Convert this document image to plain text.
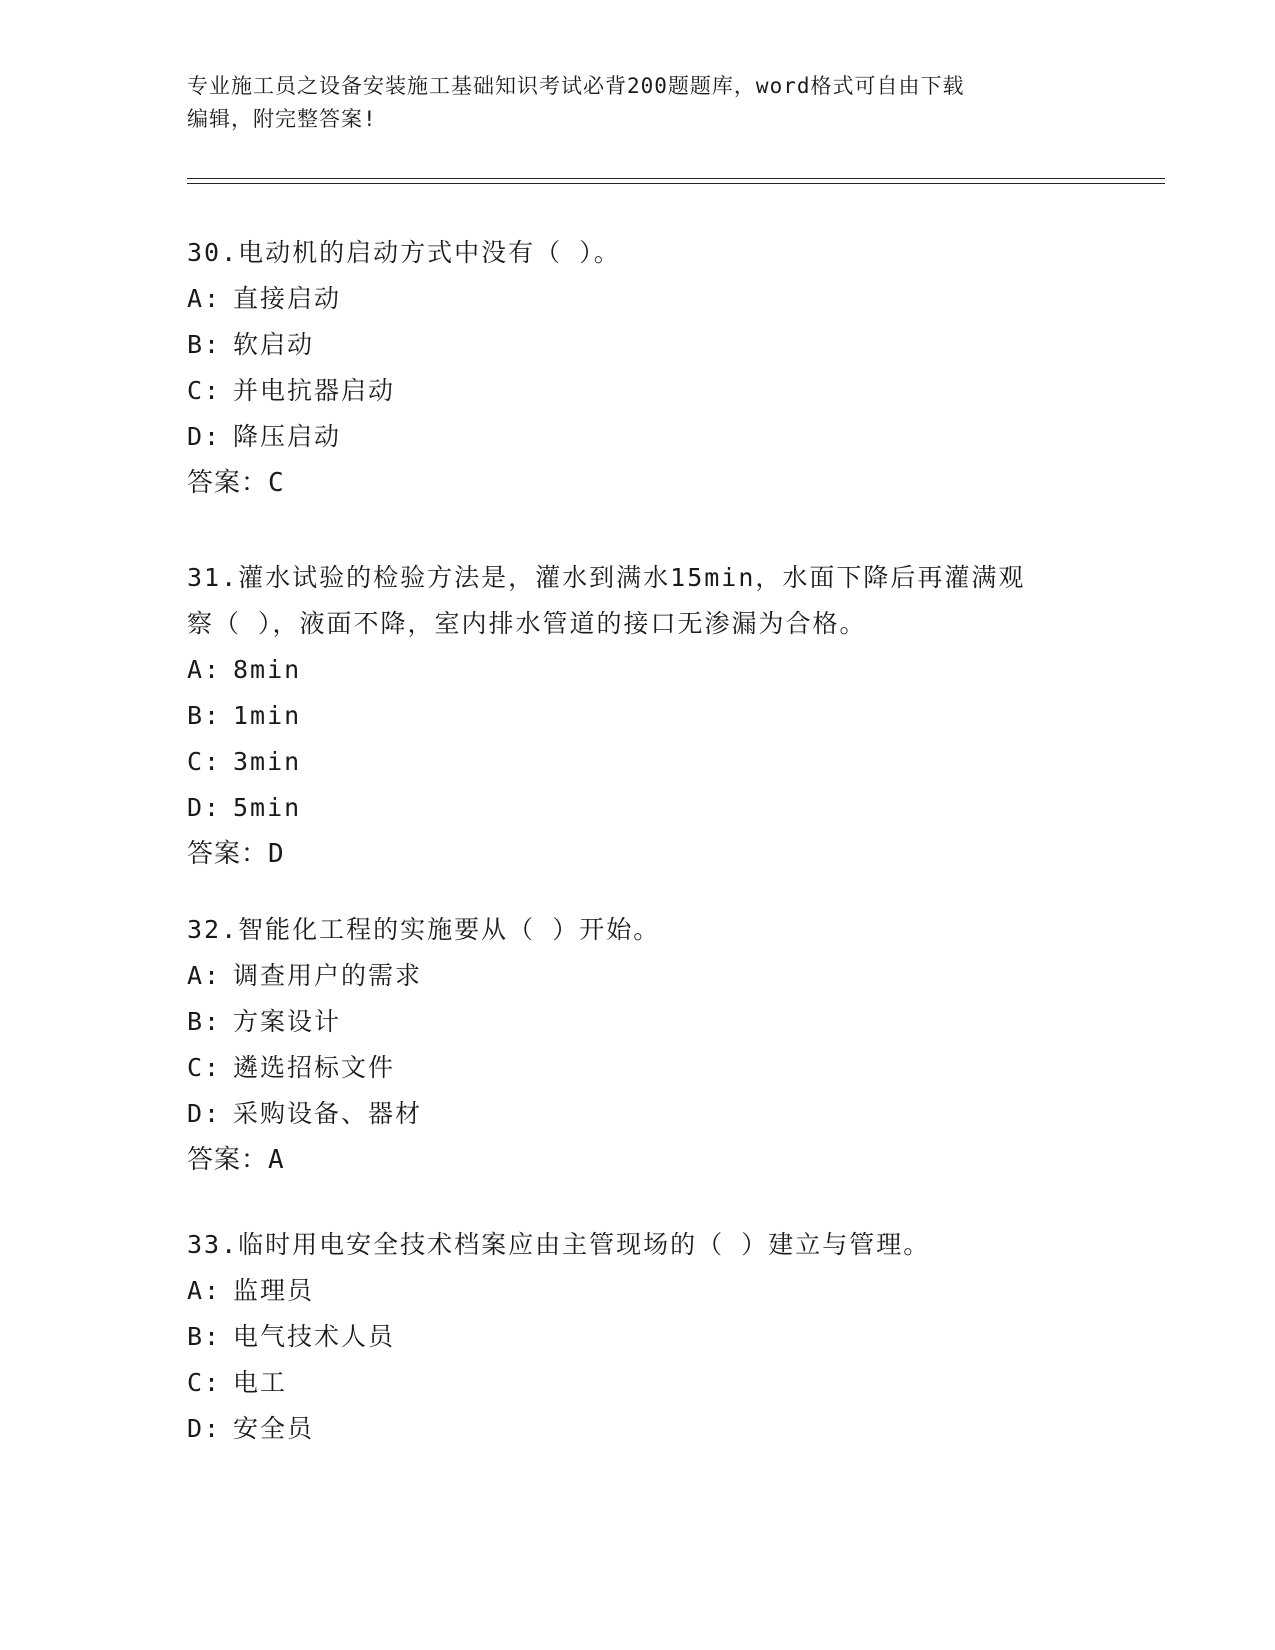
专业施工员之设备安装施工基础知识考试必背200题题库，word格式可自由下载
编辑，附完整答案!
30.电动机的启动方式中没有（ ）。
A: 直接启动
B: 软启动
C: 并电抗器启动
D: 降压启动
答案：C
31.灌水试验的检验方法是，灌水到满水15min，水面下降后再灌满观
察（ ），液面不降，室内排水管道的接口无渗漏为合格。
A: 8min
B: 1min
C: 3min
D: 5min
答案：D
32.智能化工程的实施要从（ ）开始。
A: 调查用户的需求
B: 方案设计
C: 遴选招标文件
D: 采购设备、器材
答案：A
33.临时用电安全技术档案应由主管现场的（ ）建立与管理。
A: 监理员
B: 电气技术人员
C: 电工
D: 安全员
